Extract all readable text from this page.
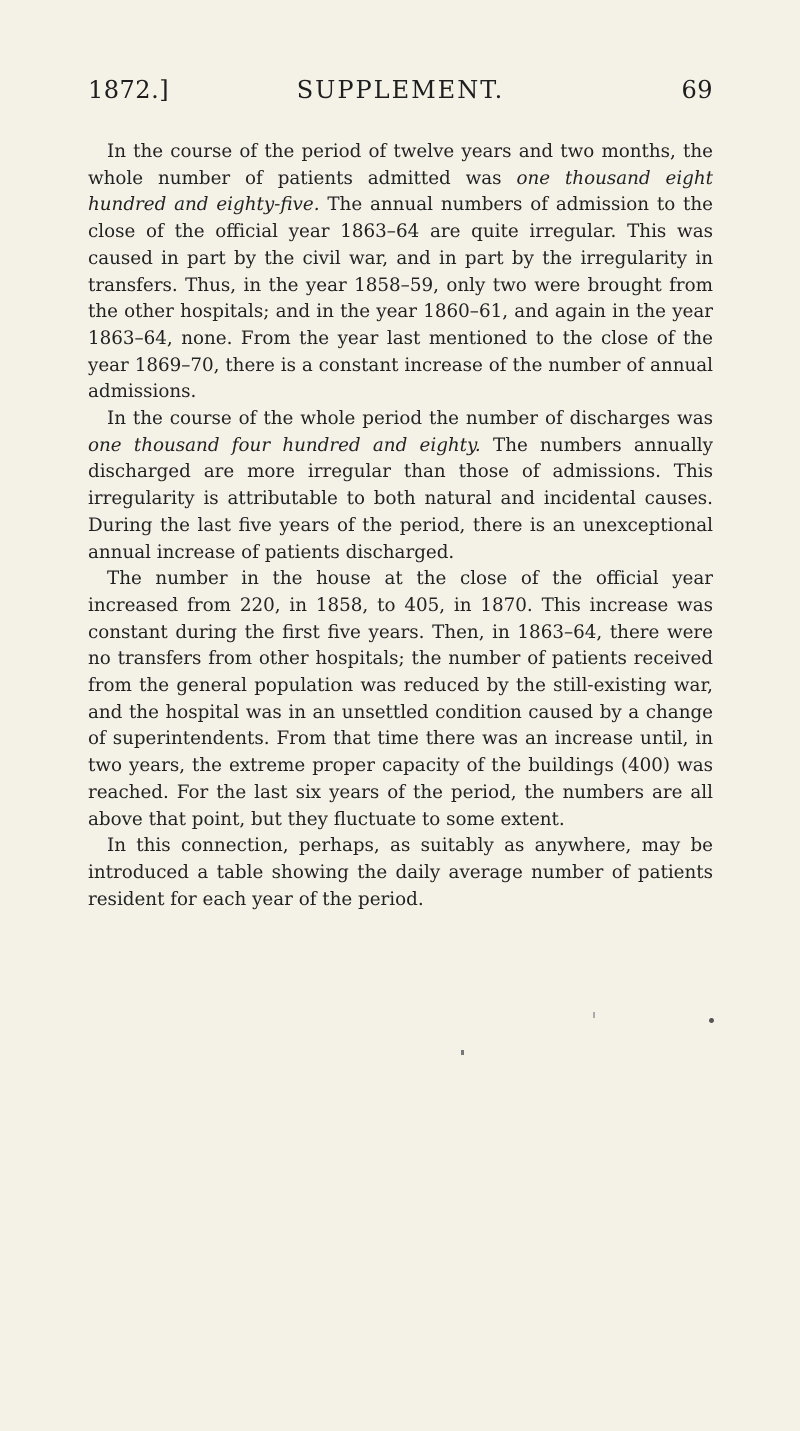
1872.]	SUPPLEMENT.	69

In the course of the period of twelve years and two months, the whole number of patients admitted was one thousand eight hundred and eighty-five. The annual numbers of admission to the close of the official year 1863–64 are quite irregular. This was caused in part by the civil war, and in part by the irregularity in transfers. Thus, in the year 1858–59, only two were brought from the other hospitals; and in the year 1860–61, and again in the year 1863–64, none. From the year last mentioned to the close of the year 1869–70, there is a constant increase of the number of annual admissions.

In the course of the whole period the number of discharges was one thousand four hundred and eighty. The numbers annually discharged are more irregular than those of admissions. This irregularity is attributable to both natural and incidental causes. During the last five years of the period, there is an unexceptional annual increase of patients discharged.

The number in the house at the close of the official year increased from 220, in 1858, to 405, in 1870. This increase was constant during the first five years. Then, in 1863–64, there were no transfers from other hospitals; the number of patients received from the general population was reduced by the still-existing war, and the hospital was in an unsettled condition caused by a change of superintendents. From that time there was an increase until, in two years, the extreme proper capacity of the buildings (400) was reached. For the last six years of the period, the numbers are all above that point, but they fluctuate to some extent.

In this connection, perhaps, as suitably as anywhere, may be introduced a table showing the daily average number of patients resident for each year of the period.
